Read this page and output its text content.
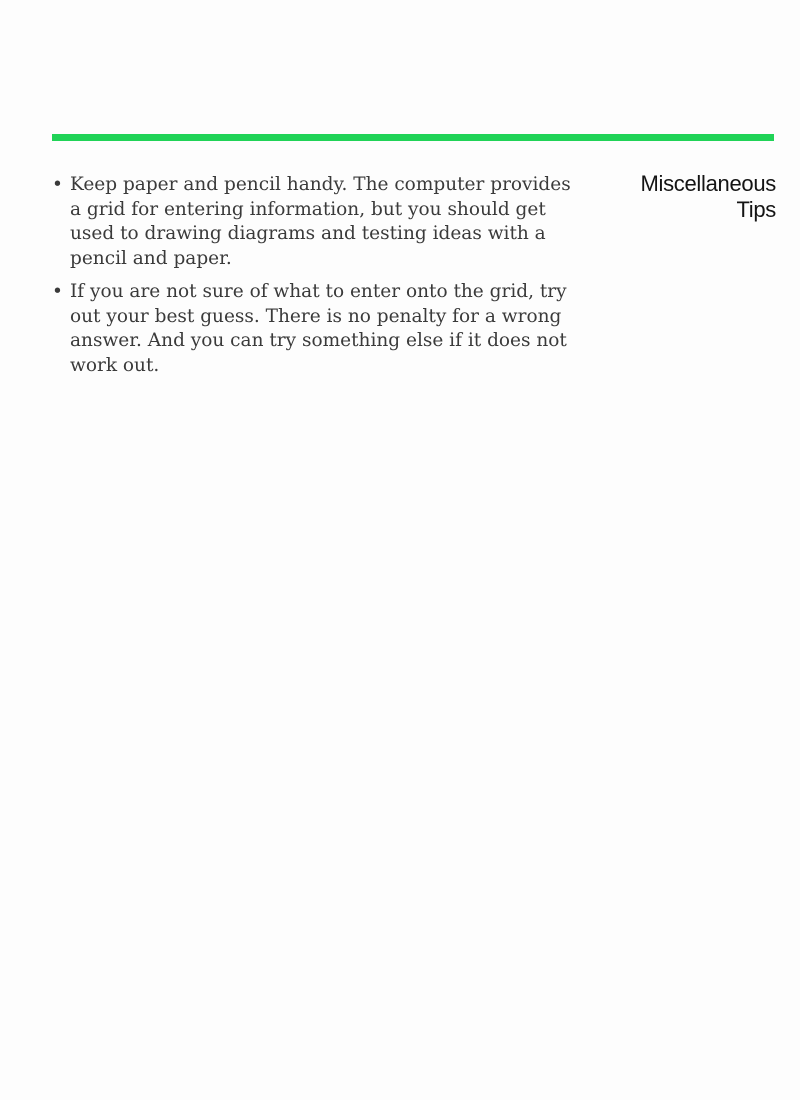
Miscellaneous
Tips
• Keep paper and pencil handy. The computer provides a grid for entering information, but you should get used to drawing diagrams and testing ideas with a pencil and paper.
• If you are not sure of what to enter onto the grid, try out your best guess. There is no penalty for a wrong answer. And you can try something else if it does not work out.
